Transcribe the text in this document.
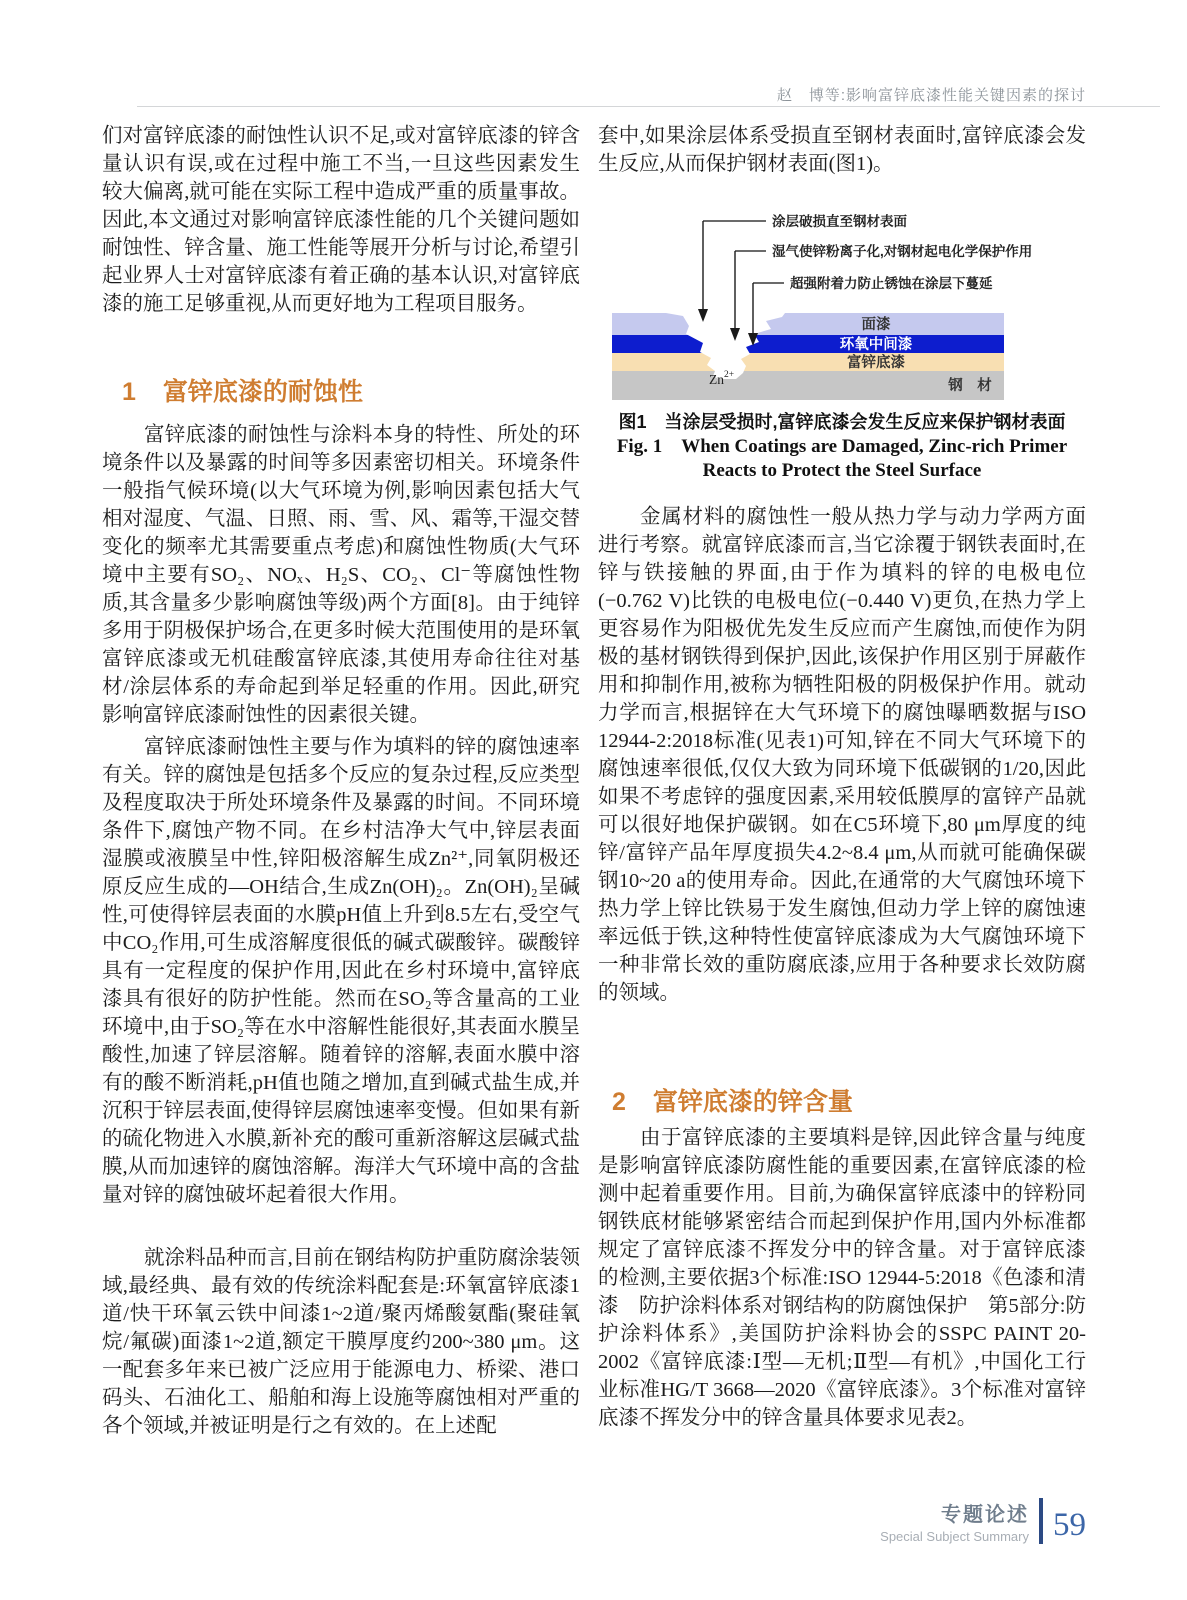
赵　博等:影响富锌底漆性能关键因素的探讨

们对富锌底漆的耐蚀性认识不足,或对富锌底漆的锌含量认识有误,或在过程中施工不当,一旦这些因素发生较大偏离,就可能在实际工程中造成严重的质量事故。因此,本文通过对影响富锌底漆性能的几个关键问题如耐蚀性、锌含量、施工性能等展开分析与讨论,希望引起业界人士对富锌底漆有着正确的基本认识,对富锌底漆的施工足够重视,从而更好地为工程项目服务。

1 富锌底漆的耐蚀性

富锌底漆的耐蚀性与涂料本身的特性、所处的环境条件以及暴露的时间等多因素密切相关。环境条件一般指气候环境(以大气环境为例,影响因素包括大气相对湿度、气温、日照、雨、雪、风、霜等,干湿交替变化的频率尤其需要重点考虑)和腐蚀性物质(大气环境中主要有SO₂、NOₓ、H₂S、CO₂、Cl⁻等腐蚀性物质,其含量多少影响腐蚀等级)两个方面[8]。由于纯锌多用于阴极保护场合,在更多时候大范围使用的是环氧富锌底漆或无机硅酸富锌底漆,其使用寿命往往对基材/涂层体系的寿命起到举足轻重的作用。因此,研究影响富锌底漆耐蚀性的因素很关键。

富锌底漆耐蚀性主要与作为填料的锌的腐蚀速率有关。锌的腐蚀是包括多个反应的复杂过程,反应类型及程度取决于所处环境条件及暴露的时间。不同环境条件下,腐蚀产物不同。在乡村洁净大气中,锌层表面湿膜或液膜呈中性,锌阳极溶解生成Zn²⁺,同氧阴极还原反应生成的—OH结合,生成Zn(OH)₂。Zn(OH)₂呈碱性,可使得锌层表面的水膜pH值上升到8.5左右,受空气中CO₂作用,可生成溶解度很低的碱式碳酸锌。碳酸锌具有一定程度的保护作用,因此在乡村环境中,富锌底漆具有很好的防护性能。然而在SO₂等含量高的工业环境中,由于SO₂等在水中溶解性能很好,其表面水膜呈酸性,加速了锌层溶解。随着锌的溶解,表面水膜中溶有的酸不断消耗,pH值也随之增加,直到碱式盐生成,并沉积于锌层表面,使得锌层腐蚀速率变慢。但如果有新的硫化物进入水膜,新补充的酸可重新溶解这层碱式盐膜,从而加速锌的腐蚀溶解。海洋大气环境中高的含盐量对锌的腐蚀破坏起着很大作用。

就涂料品种而言,目前在钢结构防护重防腐涂装领域,最经典、最有效的传统涂料配套是:环氧富锌底漆1道/快干环氧云铁中间漆1~2道/聚丙烯酸氨酯(聚硅氧烷/氟碳)面漆1~2道,额定干膜厚度约200~380 μm。这一配套多年来已被广泛应用于能源电力、桥梁、港口码头、石油化工、船舶和海上设施等腐蚀相对严重的各个领域,并被证明是行之有效的。在上述配

套中,如果涂层体系受损直至钢材表面时,富锌底漆会发生反应,从而保护钢材表面(图1)。

涂层破损直至钢材表面
湿气使锌粉离子化,对钢材起电化学保护作用
超强附着力防止锈蚀在涂层下蔓延
面漆
环氧中间漆
富锌底漆
钢　材
$Zn^{2+}$
图1　当涂层受损时,富锌底漆会发生反应来保护钢材表面
Fig. 1　When Coatings are Damaged, Zinc-rich Primer
Reacts to Protect the Steel Surface

金属材料的腐蚀性一般从热力学与动力学两方面进行考察。就富锌底漆而言,当它涂覆于钢铁表面时,在锌与铁接触的界面,由于作为填料的锌的电极电位(−0.762 V)比铁的电极电位(−0.440 V)更负,在热力学上更容易作为阳极优先发生反应而产生腐蚀,而使作为阴极的基材钢铁得到保护,因此,该保护作用区别于屏蔽作用和抑制作用,被称为牺牲阳极的阴极保护作用。就动力学而言,根据锌在大气环境下的腐蚀曝晒数据与ISO 12944-2:2018标准(见表1)可知,锌在不同大气环境下的腐蚀速率很低,仅仅大致为同环境下低碳钢的1/20,因此如果不考虑锌的强度因素,采用较低膜厚的富锌产品就可以很好地保护碳钢。如在C5环境下,80 μm厚度的纯锌/富锌产品年厚度损失4.2~8.4 μm,从而就可能确保碳钢10~20 a的使用寿命。因此,在通常的大气腐蚀环境下热力学上锌比铁易于发生腐蚀,但动力学上锌的腐蚀速率远低于铁,这种特性使富锌底漆成为大气腐蚀环境下一种非常长效的重防腐底漆,应用于各种要求长效防腐的领域。

2 富锌底漆的锌含量

由于富锌底漆的主要填料是锌,因此锌含量与纯度是影响富锌底漆防腐性能的重要因素,在富锌底漆的检测中起着重要作用。目前,为确保富锌底漆中的锌粉同钢铁底材能够紧密结合而起到保护作用,国内外标准都规定了富锌底漆不挥发分中的锌含量。对于富锌底漆的检测,主要依据3个标准:ISO 12944-5:2018《色漆和清漆　防护涂料体系对钢结构的防腐蚀保护　第5部分:防护涂料体系》,美国防护涂料协会的SSPC PAINT 20-2002《富锌底漆:Ⅰ型—无机;Ⅱ型—有机》,中国化工行业标准HG/T 3668—2020《富锌底漆》。3个标准对富锌底漆不挥发分中的锌含量具体要求见表2。

专题论述
Special Subject Summary 59
